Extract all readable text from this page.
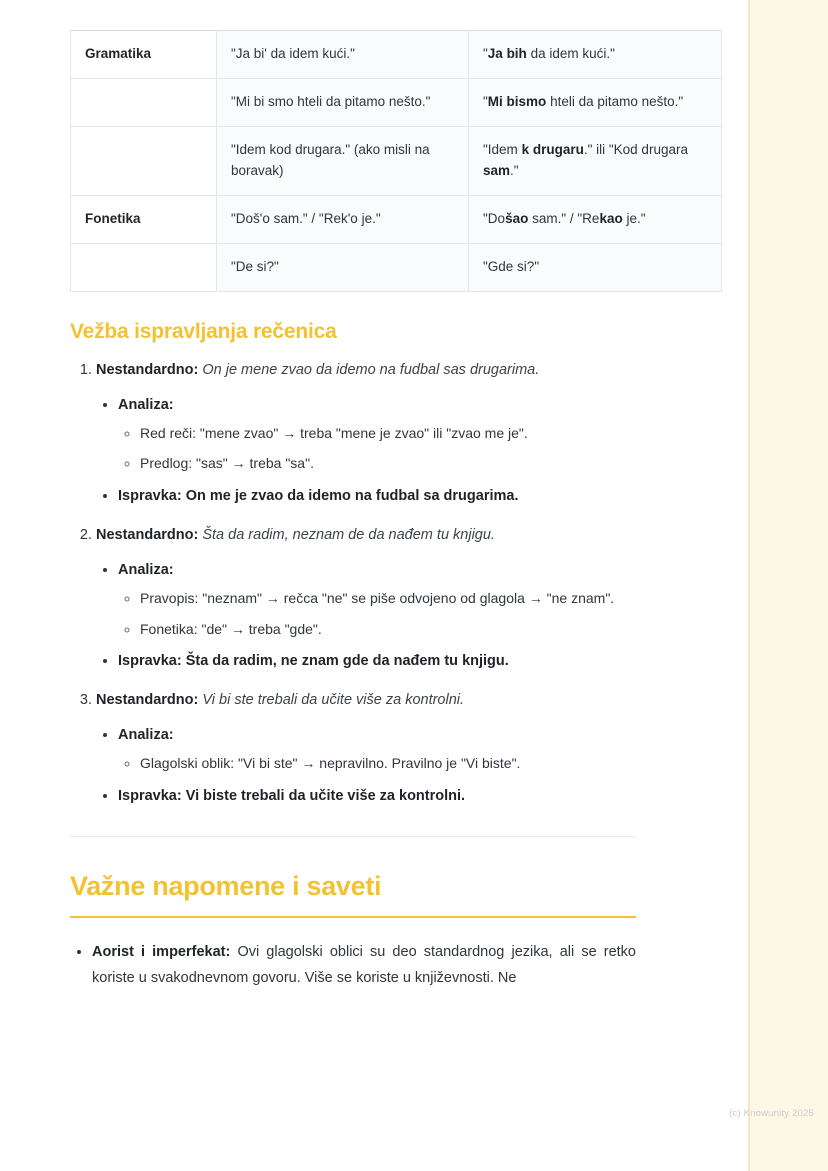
Gramatika	"Ja bi' da idem kući."	"Ja bih da idem kući."
	"Mi bi smo hteli da pitamo nešto."	"Mi bismo hteli da pitamo nešto."
	"Idem kod drugara." (ako misli na boravak)	"Idem k drugaru." ili "Kod drugara sam."
Fonetika	"Doš'o sam." / "Rek'o je."	"Došao sam." / "Rekao je."
	"De si?"	"Gde si?"
Vežba ispravljanja rečenica
1. Nestandardno: On je mene zvao da idemo na fudbal sas drugarima.
• Analiza:
◦ Red reči: "mene zvao" → treba "mene je zvao" ili "zvao me je".
◦ Predlog: "sas" → treba "sa".
• Ispravka: On me je zvao da idemo na fudbal sa drugarima.
2. Nestandardno: Šta da radim, neznam de da nađem tu knjigu.
• Analiza:
◦ Pravopis: "neznam" → rečca "ne" se piše odvojeno od glagola → "ne znam".
◦ Fonetika: "de" → treba "gde".
• Ispravka: Šta da radim, ne znam gde da nađem tu knjigu.
3. Nestandardno: Vi bi ste trebali da učite više za kontrolni.
• Analiza:
◦ Glagolski oblik: "Vi bi ste" → nepravilno. Pravilno je "Vi biste".
• Ispravka: Vi biste trebali da učite više za kontrolni.
Važne napomene i saveti
• Aorist i imperfekat: Ovi glagolski oblici su deo standardnog jezika, ali se retko koriste u svakodnevnom govoru. Više se koriste u književnosti. Ne
(c) Knowunity 2025
